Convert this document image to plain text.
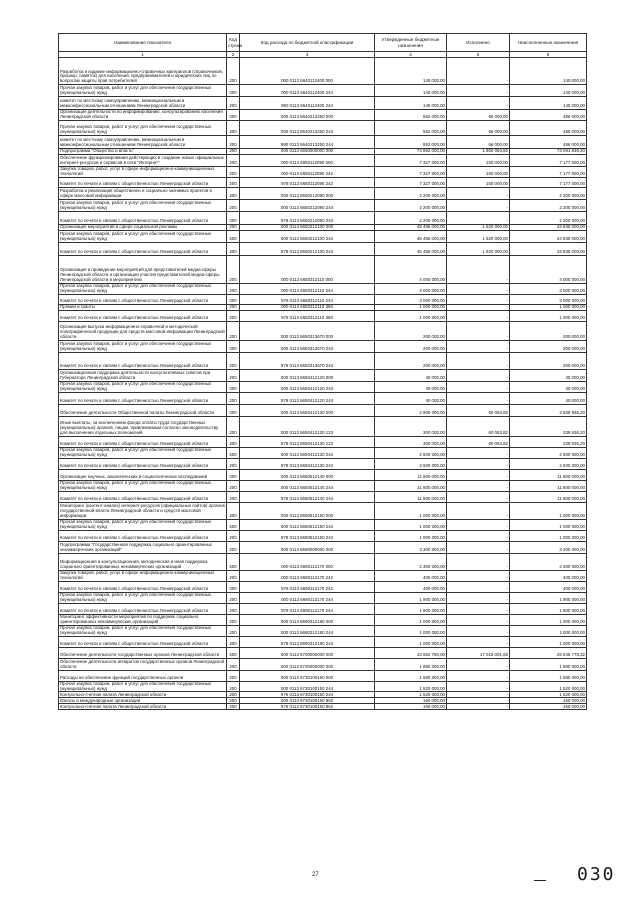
Наименование показателя	Код строки	Код расхода по бюджетной классификации	Утвержденные бюджетные назначения	Исполнено	Неисполненные назначения
1	2	3	4	5	6
Разработка и издание информационно-справочных материалов (справочников, брошюр, памяток) для населения, предпринимателей и юридических лиц по вопросам защиты прав потребителей	200	000 0113 6640112400 000	140 000,00	-	140 000,00
Прочая закупка товаров, работ и услуг для обеспечения государственных (муниципальных) нужд	200	000 0113 6640112400 244	140 000,00	-	140 000,00
комитет по местному самоуправлению, межнациональным и межконфессиональным отношениям Ленинградской области	200	990 0113 6640112400 244	140 000,00	-	140 000,00
Организация деятельности по информированию, консультированию населения Ленинградской области	200	000 0113 6640213250 000	552 000,00	66 000,00	486 000,00
Прочая закупка товаров, работ и услуг для обеспечения государственных (муниципальных) нужд	200	000 0113 6640213250 244	552 000,00	66 000,00	486 000,00
комитет по местному самоуправлению, межнациональным и межконфессиональным отношениям Ленинградской области	200	990 0113 6640213250 244	552 000,00	66 000,00	486 000,00
Подпрограмма "Общество и власть"	200	000 0113 6650000000 000	74 952 000,00	1 850 063,82	73 091 936,20
Обеспечение функционирования действующих и создание новых официальных интернет-ресурсов и сервисов в сети "Интернет"	200	000 0113 6650112090 000	7 327 000,00	150 000,00	7 177 000,00
Закупка товаров, работ, услуг в сфере информационно-коммуникационных технологий	200	000 0113 6650112090 242	7 327 000,00	150 000,00	7 177 000,00
Комитет по печати и связям с общественностью Ленинградской области	200	978 0113 6650112090 242	7 327 000,00	150 000,00	7 177 000,00
Разработка и реализация общественно и социально значимых проектов в сфере массовой информации	200	000 0113 6650212090 000	2 200 000,00	-	2 200 000,00
Прочая закупка товаров, работ и услуг для обеспечения государственных (муниципальных) нужд	200	000 0113 6650212090 244	2 200 000,00	-	2 200 000,00
Комитет по печати и связям с общественностью Ленинградской области	200	978 0113 6650212090 244	2 200 000,00	-	2 200 000,00
Организация мероприятий в сфере социальной рекламы	200	000 0113 6650212100 000	45 455 000,00	1 620 000,00	43 835 000,00
Прочая закупка товаров, работ и услуг для обеспечения государственных (муниципальных) нужд	200	000 0113 6650212100 244	45 455 000,00	1 620 000,00	43 835 000,00
Комитет по печати и связям с общественностью Ленинградской области	200	978 0113 6650212100 244	45 455 000,00	1 620 000,00	43 835 000,00
Организация и проведение мероприятий для представителей медиа-сферы Ленинградской области и организация участия представителей медиа-сферы Ленинградской области в мероприятиях	200	000 0113 6650312110 000	4 000 000,00	-	4 000 000,00
Прочая закупка товаров, работ и услуг для обеспечения государственных (муниципальных) нужд	200	000 0113 6650312110 244	3 000 000,00	-	3 000 000,00
Комитет по печати и связям с общественностью Ленинградской области	200	978 0113 6650312110 244	3 000 000,00	-	3 000 000,00
Премии и гранты	200	000 0113 6650312110 350	1 000 000,00	-	1 000 000,00
Комитет по печати и связям с общественностью Ленинградской области	200	978 0113 6650312110 350	1 000 000,00	-	1 000 000,00
Организация выпуска информационно-справочной и методической полиграфической продукции для средств массовой информации Ленинградской области	200	000 0113 6650313670 000	200 000,00	-	200 000,00
Прочая закупка товаров, работ и услуг для обеспечения государственных (муниципальных) нужд	200	000 0113 6650313670 244	200 000,00	-	200 000,00
Комитет по печати и связям с общественностью Ленинградской области	200	978 0113 6650313670 244	200 000,00	-	200 000,00
Организационная поддержка деятельности консультативных советов при Губернаторе Ленинградской области	200	000 0113 6650412120 000	40 000,00	-	40 000,00
Прочая закупка товаров, работ и услуг для обеспечения государственных (муниципальных) нужд	200	000 0113 6650412120 244	40 000,00	-	40 000,00
Комитет по печати и связям с общественностью Ленинградской области	200	978 0113 6650412120 244	40 000,00	-	40 000,00
Обеспечение деятельности Общественной палаты Ленинградской области	200	000 0113 6650412130 000	2 900 000,00	60 063,82	2 839 936,20
Иные выплаты, за исключением фонда оплаты труда государственных (муниципальных) органов, лицам, привлекаемым согласно законодательству для выполнения отдельных полномочий	200	000 0113 6650412130 123	300 000,00	60 063,82	239 936,20
Комитет по печати и связям с общественностью Ленинградской области	200	978 0113 6650412130 123	300 000,00	60 063,82	239 936,20
Прочая закупка товаров, работ и услуг для обеспечения государственных (муниципальных) нужд	200	000 0113 6650412130 244	2 600 000,00	-	2 600 000,00
Комитет по печати и связям с общественностью Ленинградской области	200	978 0113 6650412130 244	2 600 000,00	-	2 600 000,00
Организация научных, аналитических и социологических исследований	200	000 0113 6650512140 000	11 800 000,00	-	11 800 000,00
Прочая закупка товаров, работ и услуг для обеспечения государственных (муниципальных) нужд	200	000 0113 6650512140 244	11 800 000,00	-	11 800 000,00
Комитет по печати и связям с общественностью Ленинградской области	200	978 0113 6650512140 244	11 800 000,00	-	11 800 000,00
Мониторинг (контент-анализ) интернет-ресурсов (официальных сайтов) органов государственной власти Ленинградской области и средств массовой информации	200	000 0113 6650512150 000	1 000 000,00	-	1 000 000,00
Прочая закупка товаров, работ и услуг для обеспечения государственных (муниципальных) нужд	200	000 0113 6650512150 244	1 000 000,00	-	1 000 000,00
Комитет по печати и связям с общественностью Ленинградской области	200	978 0113 6650512150 244	1 000 000,00	-	1 000 000,00
Подпрограмма "Государственная поддержка социально ориентированных некоммерческих организаций"	200	000 0113 6690000000 000	3 300 000,00	-	3 300 000,00
Информационная и консультационная, методическая и иная поддержка социально ориентированных некоммерческих организаций	200	000 0113 6690112170 000	2 300 000,00	-	2 300 000,00
Закупка товаров, работ, услуг в сфере информационно-коммуникационных технологий	200	000 0113 6690112170 242	400 000,00	-	400 000,00
Комитет по печати и связям с общественностью Ленинградской области	200	978 0113 6690112170 242	400 000,00	-	400 000,00
Прочая закупка товаров, работ и услуг для обеспечения государственных (муниципальных) нужд	200	000 0113 6690112170 244	1 900 000,00	-	1 900 000,00
Комитет по печати и связям с общественностью Ленинградской области	200	978 0113 6690112170 244	1 900 000,00	-	1 900 000,00
Мониторинг эффективности мероприятий по поддержке социально ориентированных некоммерческих организаций	200	000 0113 6690312180 000	1 000 000,00	-	1 000 000,00
Прочая закупка товаров, работ и услуг для обеспечения государственных (муниципальных) нужд	200	000 0113 6690312180 244	1 000 000,00	-	1 000 000,00
Комитет по печати и связям с общественностью Ленинградской области	200	978 0113 6690312180 244	1 000 000,00	-	1 000 000,00
Обеспечение деятельности государственных органов Ленинградской области	200	000 0113 6700000000 000	43 662 780,00	17 015 001,68	26 646 778,32
Обеспечение деятельности аппаратов государственных органов Ленинградской области	200	000 0113 6730000000 000	1 880 000,00	-	1 880 000,00
Расходы на обеспечение функций государственных органов	200	000 0113 6730100150 000	1 680 000,00	-	1 680 000,00
Прочая закупка товаров, работ и услуг для обеспечения государственных (муниципальных) нужд	200	000 0113 6730100150 244	1 520 000,00	-	1 520 000,00
Контрольно-счетная палата Ленинградской области	200	976 0113 6730100150 244	1 520 000,00	-	1 520 000,00
Взносы в международные организации	200	000 0113 6730100150 862	160 000,00	-	160 000,00
Контрольно-счетная палата Ленинградской области	200	976 0113 6730100150 862	160 000,00	-	160 000,00
27	030
